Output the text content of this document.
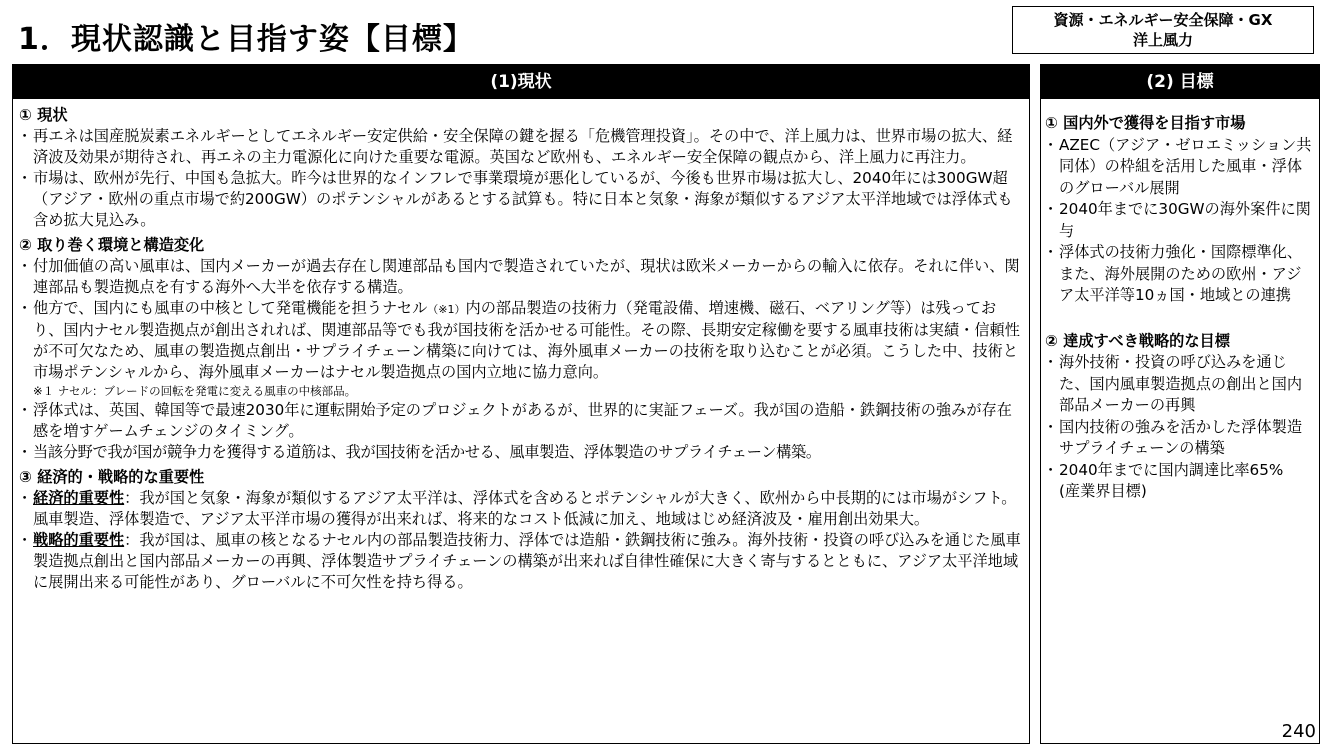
1．現状認識と目指す姿【目標】
資源・エネルギー安全保障・GX
洋上風力
(1)現状
① 現状
・ 再エネは国産脱炭素エネルギーとしてエネルギー安定供給・安全保障の鍵を握る「危機管理投資」。その中で、洋上風力は、世界市場の拡大、経済波及効果が期待され、再エネの主力電源化に向けた重要な電源。英国など欧州も、エネルギー安全保障の観点から、洋上風力に再注力。
・ 市場は、欧州が先行、中国も急拡大。昨今は世界的なインフレで事業環境が悪化しているが、今後も世界市場は拡大し、2040年には300GW超（アジア・欧州の重点市場で約200GW）のポテンシャルがあるとする試算も。特に日本と気象・海象が類似するアジア太平洋地域では浮体式も含め拡大見込み。
② 取り巻く環境と構造変化
・ 付加価値の高い風車は、国内メーカーが過去存在し関連部品も国内で製造されていたが、現状は欧米メーカーからの輸入に依存。それに伴い、関連部品も製造拠点を有する海外へ大半を依存する構造。
・ 他方で、国内にも風車の中核として発電機能を担うナセル（※1）内の部品製造の技術力（発電設備、増速機、磁石、ベアリング等）は残っており、国内ナセル製造拠点が創出されれば、関連部品等でも我が国技術を活かせる可能性。その際、長期安定稼働を要する風車技術は実績・信頼性が不可欠なため、風車の製造拠点創出・サプライチェーン構築に向けては、海外風車メーカーの技術を取り込むことが必須。こうした中、技術と市場ポテンシャルから、海外風車メーカーはナセル製造拠点の国内立地に協力意向。
※１ ナセル：ブレードの回転を発電に変える風車の中核部品。
・ 浮体式は、英国、韓国等で最速2030年に運転開始予定のプロジェクトがあるが、世界的に実証フェーズ。我が国の造船・鉄鋼技術の強みが存在感を増すゲームチェンジのタイミング。
・ 当該分野で我が国が競争力を獲得する道筋は、我が国技術を活かせる、風車製造、浮体製造のサプライチェーン構築。
③ 経済的・戦略的な重要性
・ 経済的重要性：我が国と気象・海象が類似するアジア太平洋は、浮体式を含めるとポテンシャルが大きく、欧州から中長期的には市場がシフト。風車製造、浮体製造で、アジア太平洋市場の獲得が出来れば、将来的なコスト低減に加え、地域はじめ経済波及・雇用創出効果大。
・ 戦略的重要性：我が国は、風車の核となるナセル内の部品製造技術力、浮体では造船・鉄鋼技術に強み。海外技術・投資の呼び込みを通じた風車製造拠点創出と国内部品メーカーの再興、浮体製造サプライチェーンの構築が出来れば自律性確保に大きく寄与するとともに、アジア太平洋地域に展開出来る可能性があり、グローバルに不可欠性を持ち得る。
(2) 目標
① 国内外で獲得を目指す市場
・ AZEC（アジア・ゼロエミッション共同体）の枠組を活用した風車・浮体のグローバル展開
・ 2040年までに30GWの海外案件に関与
・ 浮体式の技術力強化・国際標準化、また、海外展開のための欧州・アジア太平洋等10ヵ国・地域との連携
② 達成すべき戦略的な目標
・ 海外技術・投資の呼び込みを通じた、国内風車製造拠点の創出と国内部品メーカーの再興
・ 国内技術の強みを活かした浮体製造サプライチェーンの構築
・ 2040年までに国内調達比率65%　(産業界目標)
240
